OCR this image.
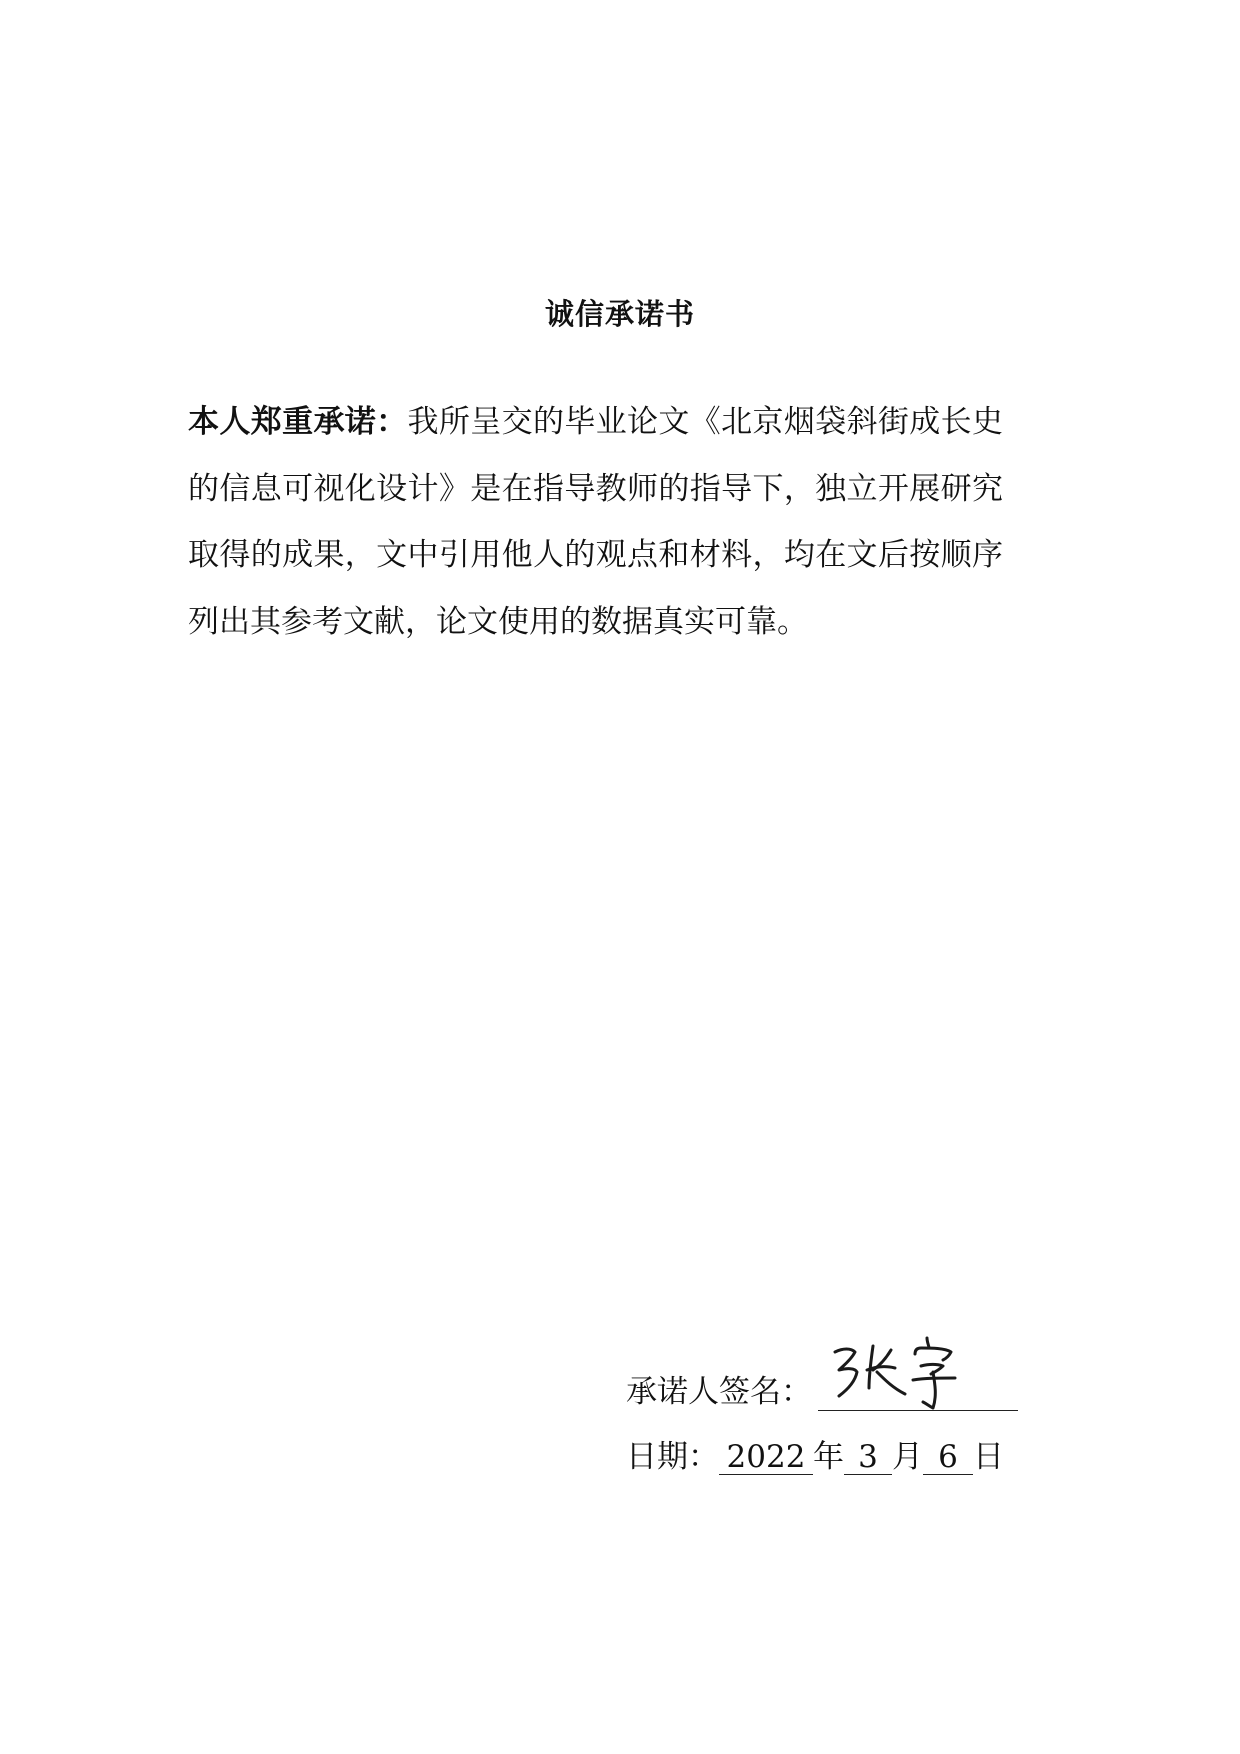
诚信承诺书

本人郑重承诺：我所呈交的毕业论文《北京烟袋斜街成长史的信息可视化设计》是在指导教师的指导下，独立开展研究取得的成果，文中引用他人的观点和材料，均在文后按顺序列出其参考文献，论文使用的数据真实可靠。

承诺人签名：
日期： 2022 年 3 月 6 日
